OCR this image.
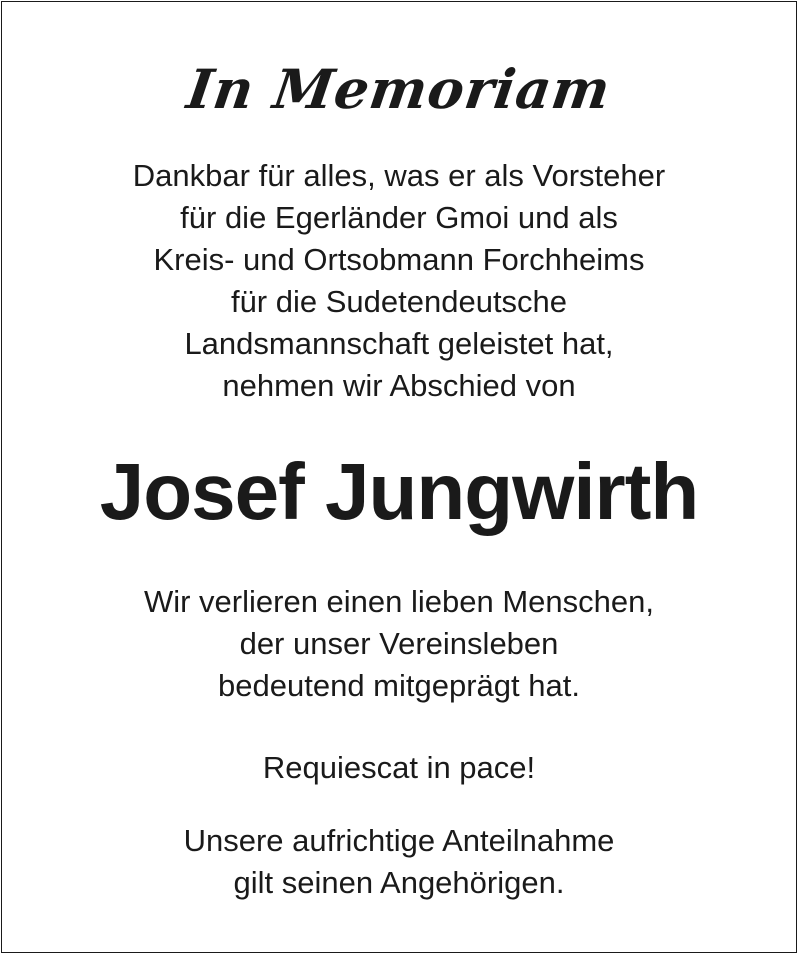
In Memoriam
Dankbar für alles, was er als Vorsteher
für die Egerländer Gmoi und als
Kreis- und Ortsobmann Forchheims
für die Sudetendeutsche
Landsmannschaft geleistet hat,
nehmen wir Abschied von
Josef Jungwirth
Wir verlieren einen lieben Menschen,
der unser Vereinsleben
bedeutend mitgeprägt hat.
Requiescat in pace!
Unsere aufrichtige Anteilnahme
gilt seinen Angehörigen.
